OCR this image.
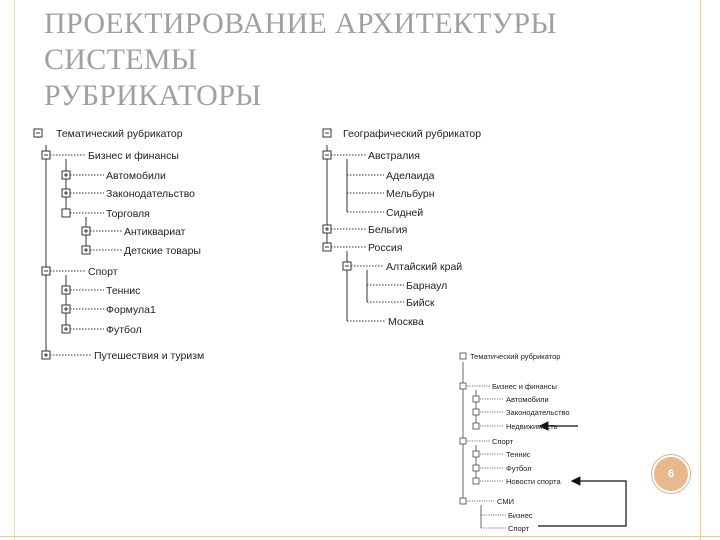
ПРОЕКТИРОВАНИЕ АРХИТЕКТУРЫ
СИСТЕМЫ
РУБРИКАТОРЫ
Тематический рубрикатор
Бизнес и финансы
Автомобили
Законодательство
Торговля
Антиквариат
Детские товары
Спорт
Теннис
Формула1
Футбол
Путешествия и туризм
Географический рубрикатор
Австралия
Аделаида
Мельбурн
Сидней
Бельгия
Россия
Алтайский край
Барнаул
Бийск
Москва
Тематический рубрикатор
Бизнес и финансы
Автомобили
Законодательство
Недвижимость
Спорт
Теннис
Футбол
Новости спорта
СМИ
Бизнес
Спорт
6
